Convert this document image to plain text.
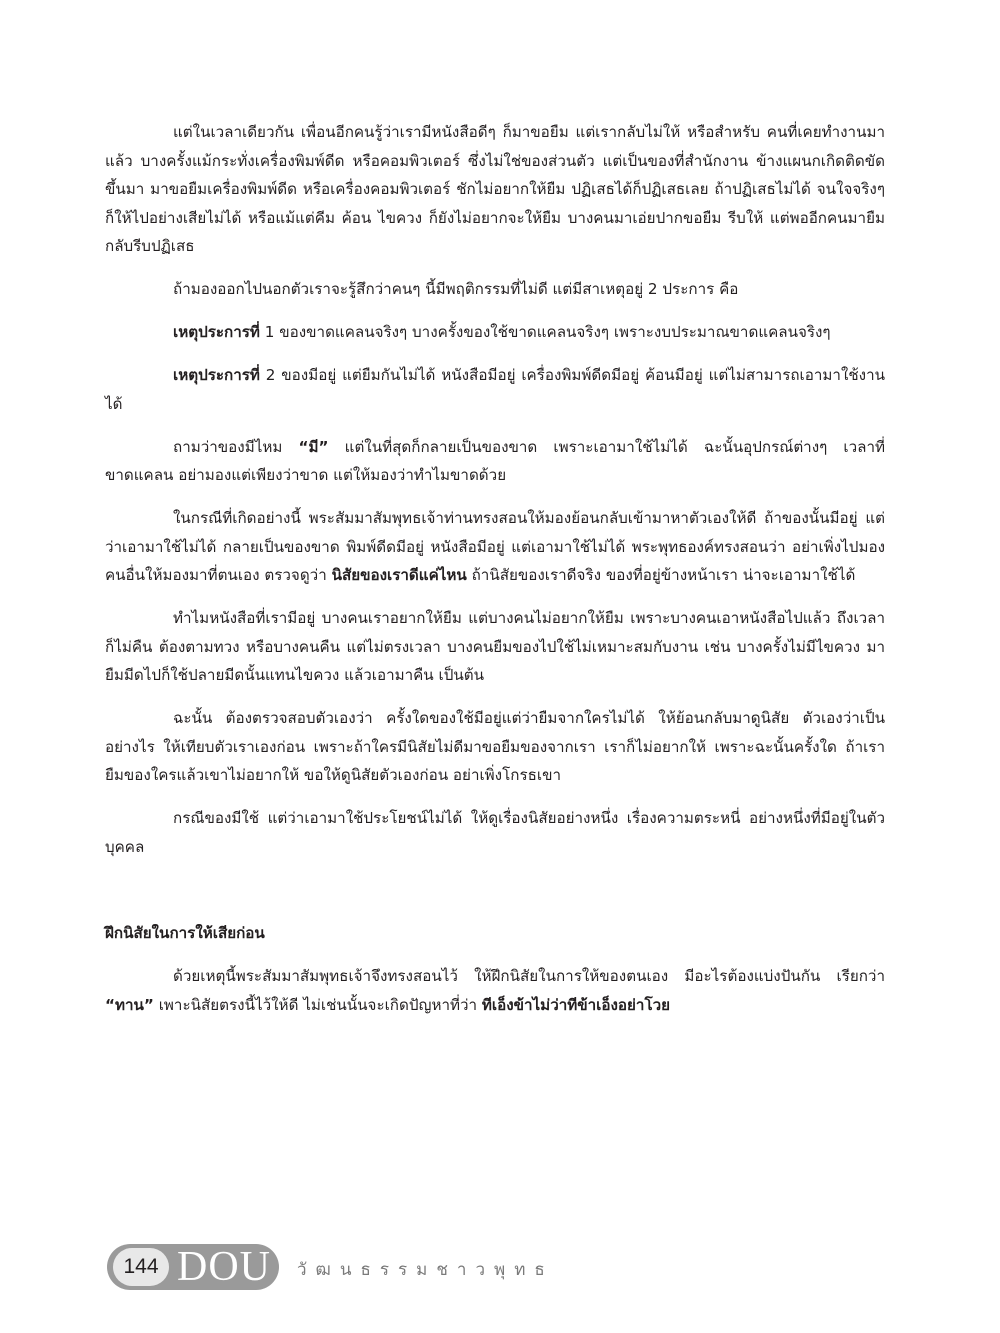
แต่ในเวลาเดียวกัน เพื่อนอีกคนรู้ว่าเรามีหนังสือดีๆ ก็มาขอยืม แต่เรากลับไม่ให้ หรือสำหรับ คนที่เคยทำงานมาแล้ว บางครั้งแม้กระทั่งเครื่องพิมพ์ดีด หรือคอมพิวเตอร์ ซึ่งไม่ใช่ของส่วนตัว แต่เป็นของที่สำนักงาน ข้างแผนกเกิดติดขัดขึ้นมา มาขอยืมเครื่องพิมพ์ดีด หรือเครื่องคอมพิวเตอร์ ชักไม่อยากให้ยืม ปฏิเสธได้ก็ปฏิเสธเลย ถ้าปฏิเสธไม่ได้ จนใจจริงๆ ก็ให้ไปอย่างเสียไม่ได้ หรือแม้แต่คีม ค้อน ไขควง ก็ยังไม่อยากจะให้ยืม บางคนมาเอ่ยปากขอยืม รีบให้ แต่พออีกคนมายืมกลับรีบปฏิเสธ

ถ้ามองออกไปนอกตัวเราจะรู้สึกว่าคนๆ นี้มีพฤติกรรมที่ไม่ดี แต่มีสาเหตุอยู่ 2 ประการ คือ

เหตุประการที่ 1 ของขาดแคลนจริงๆ บางครั้งของใช้ขาดแคลนจริงๆ เพราะงบประมาณขาดแคลนจริงๆ

เหตุประการที่ 2 ของมีอยู่ แต่ยืมกันไม่ได้ หนังสือมีอยู่ เครื่องพิมพ์ดีดมีอยู่ ค้อนมีอยู่ แต่ไม่สามารถเอามาใช้งานได้

ถามว่าของมีไหม “มี” แต่ในที่สุดก็กลายเป็นของขาด เพราะเอามาใช้ไม่ได้ ฉะนั้นอุปกรณ์ต่างๆ เวลาที่ขาดแคลน อย่ามองแต่เพียงว่าขาด แต่ให้มองว่าทำไมขาดด้วย

ในกรณีที่เกิดอย่างนี้ พระสัมมาสัมพุทธเจ้าท่านทรงสอนให้มองย้อนกลับเข้ามาหาตัวเองให้ดี ถ้าของนั้นมีอยู่ แต่ว่าเอามาใช้ไม่ได้ กลายเป็นของขาด พิมพ์ดีดมีอยู่ หนังสือมีอยู่ แต่เอามาใช้ไม่ได้ พระพุทธองค์ทรงสอนว่า อย่าเพิ่งไปมองคนอื่นให้มองมาที่ตนเอง ตรวจดูว่า นิสัยของเราดีแค่ไหน ถ้านิสัยของเราดีจริง ของที่อยู่ข้างหน้าเรา น่าจะเอามาใช้ได้

ทำไมหนังสือที่เรามีอยู่ บางคนเราอยากให้ยืม แต่บางคนไม่อยากให้ยืม เพราะบางคนเอาหนังสือไปแล้ว ถึงเวลาก็ไม่คืน ต้องตามทวง หรือบางคนคืน แต่ไม่ตรงเวลา บางคนยืมของไปใช้ไม่เหมาะสมกับงาน เช่น บางครั้งไม่มีไขควง มายืมมีดไปก็ใช้ปลายมีดนั้นแทนไขควง แล้วเอามาคืน เป็นต้น

ฉะนั้น ต้องตรวจสอบตัวเองว่า ครั้งใดของใช้มีอยู่แต่ว่ายืมจากใครไม่ได้ ให้ย้อนกลับมาดูนิสัย ตัวเองว่าเป็นอย่างไร ให้เทียบตัวเราเองก่อน เพราะถ้าใครมีนิสัยไม่ดีมาขอยืมของจากเรา เราก็ไม่อยากให้ เพราะฉะนั้นครั้งใด ถ้าเรายืมของใครแล้วเขาไม่อยากให้ ขอให้ดูนิสัยตัวเองก่อน อย่าเพิ่งโกรธเขา

กรณีของมีใช้ แต่ว่าเอามาใช้ประโยชน์ไม่ได้ ให้ดูเรื่องนิสัยอย่างหนึ่ง เรื่องความตระหนี่ อย่างหนึ่งที่มีอยู่ในตัวบุคคล

ฝึกนิสัยในการให้เสียก่อน

ด้วยเหตุนี้พระสัมมาสัมพุทธเจ้าจึงทรงสอนไว้ ให้ฝึกนิสัยในการให้ของตนเอง มีอะไรต้องแบ่งปันกัน เรียกว่า “ทาน” เพาะนิสัยตรงนี้ไว้ให้ดี ไม่เช่นนั้นจะเกิดปัญหาที่ว่า ทีเอ็งข้าไม่ว่าทีข้าเอ็งอย่าโวย

144 DOU วัฒนธรรมชาวพุทธ
